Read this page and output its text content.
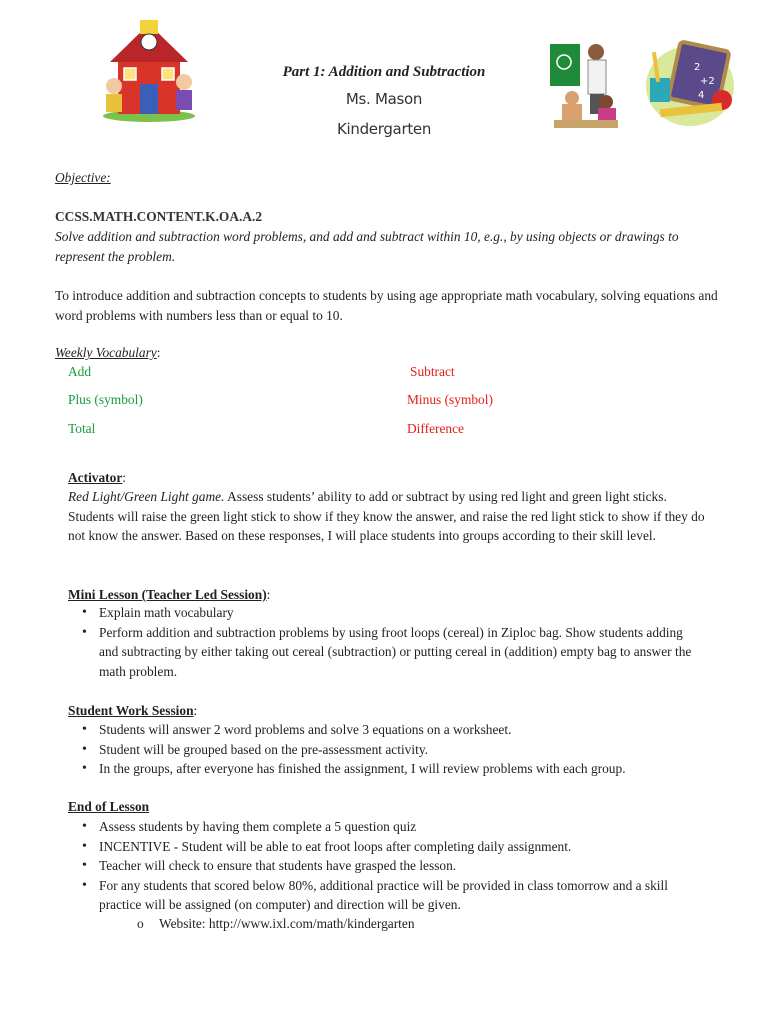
Part 1: Addition and Subtraction
Ms. Mason
Kindergarten
2
+2
4
Objective:
CCSS.MATH.CONTENT.K.OA.A.2
Solve addition and subtraction word problems, and add and subtract within 10, e.g., by using objects or drawings to represent the problem.
To introduce addition and subtraction concepts to students by using age appropriate math vocabulary, solving equations and word problems with numbers less than or equal to 10.
Weekly Vocabulary:
Add
Plus (symbol)
Total
Subtract
Minus (symbol)
Difference
Activator:
Red Light/Green Light game. Assess students’ ability to add or subtract by using red light and green light sticks. Students will raise the green light stick to show if they know the answer, and raise the red light stick to show if they do not know the answer. Based on these responses, I will place students into groups according to their skill level.
Mini Lesson (Teacher Led Session):
• Explain math vocabulary
• Perform addition and subtraction problems by using froot loops (cereal) in Ziploc bag. Show students adding and subtracting by either taking out cereal (subtraction) or putting cereal in (addition) empty bag to answer the math problem.
Student Work Session:
• Students will answer 2 word problems and solve 3 equations on a worksheet.
• Student will be grouped based on the pre-assessment activity.
• In the groups, after everyone has finished the assignment, I will review problems with each group.
End of Lesson
• Assess students by having them complete a 5 question quiz
• INCENTIVE - Student will be able to eat froot loops after completing daily assignment.
• Teacher will check to ensure that students have grasped the lesson.
• For any students that scored below 80%, additional practice will be provided in class tomorrow and a skill practice will be assigned (on computer) and direction will be given.
o Website: http://www.ixl.com/math/kindergarten
